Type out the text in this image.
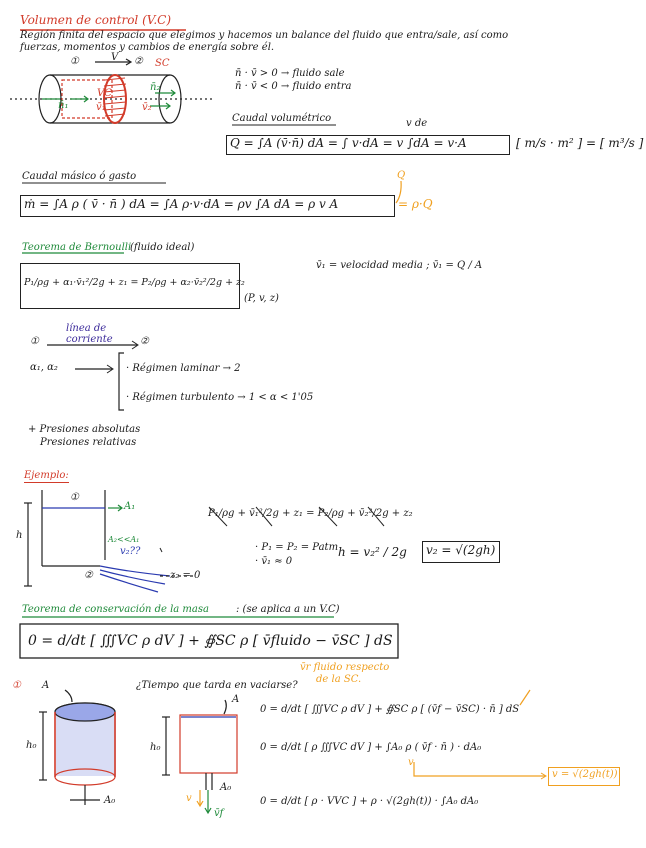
Volumen de control (V.C)
Región finita del espacio que elegimos y hacemos un balance del fluido que entra/sale, así como
fuerzas, momentos y cambios de energía sobre él.
①	V ② SC
VC
v̄₁
n̄₁
n̄₂
v̄₂
n̄ · v̄ > 0 → fluido sale
n̄ · v̄ < 0 → fluido entra
Caudal volumétrico	v de
Q = ∫A (v̄·n̄) dA = ∫ v·dA = v ∫dA = v·A	[ m/s · m² ] = [ m³/s ]
Caudal másico ó gasto	Q
ṁ = ∫A ρ ( v̄ · n̄ ) dA = ∫A ρ·v·dA = ρv ∫A dA = ρ v A	= ρ·Q
Teorema de Bernoulli
(fluido ideal)
P₁/ρg + α₁·v̄₁²/2g + z₁ = P₂/ρg + α₂·v̄₂²/2g + z₂
(P, v, z)
v̄₁ = velocidad media ; v̄₁ = Q / A
①	②
línea de
corriente
α₁, α₂	· Régimen laminar → 2
· Régimen turbulento → 1 < α < 1'05
+ Presiones absolutas
Presiones relativas
Ejemplo:
①
A₁
h	A₂<<A₁
v₂??
②	z₂ = 0
P₁/ρg + v̄₁²/2g + z₁ = P₂/ρg + v̄₂²/2g + z₂
· P₁ = P₂ = Patm
· v̄₁ ≈ 0
h = v₂² / 2g v₂ = √(2gh)
Teorema de conservación de la masa	: (se aplica a un V.C)
0 = d/dt [ ∭VC ρ dV ] + ∯SC ρ [ v̄fluido − v̄SC ] dS
v̄r fluido respecto
de la SC.
① A	¿Tiempo que tarda en vaciarse?
A
h₀
A₀
h₀
A₀
v
v̄f
0 = d/dt [ ∭VC ρ dV ] + ∯SC ρ [ (v̄f − v̄SC) · n̄ ] dS
0 = d/dt [ ρ ∭VC dV ] + ∫A₀ ρ ( v̄f · n̄ ) · dA₀
0 = d/dt [ ρ · VVC ] + ρ · √(2gh(t)) · ∫A₀ dA₀
v
v = √(2gh(t))
